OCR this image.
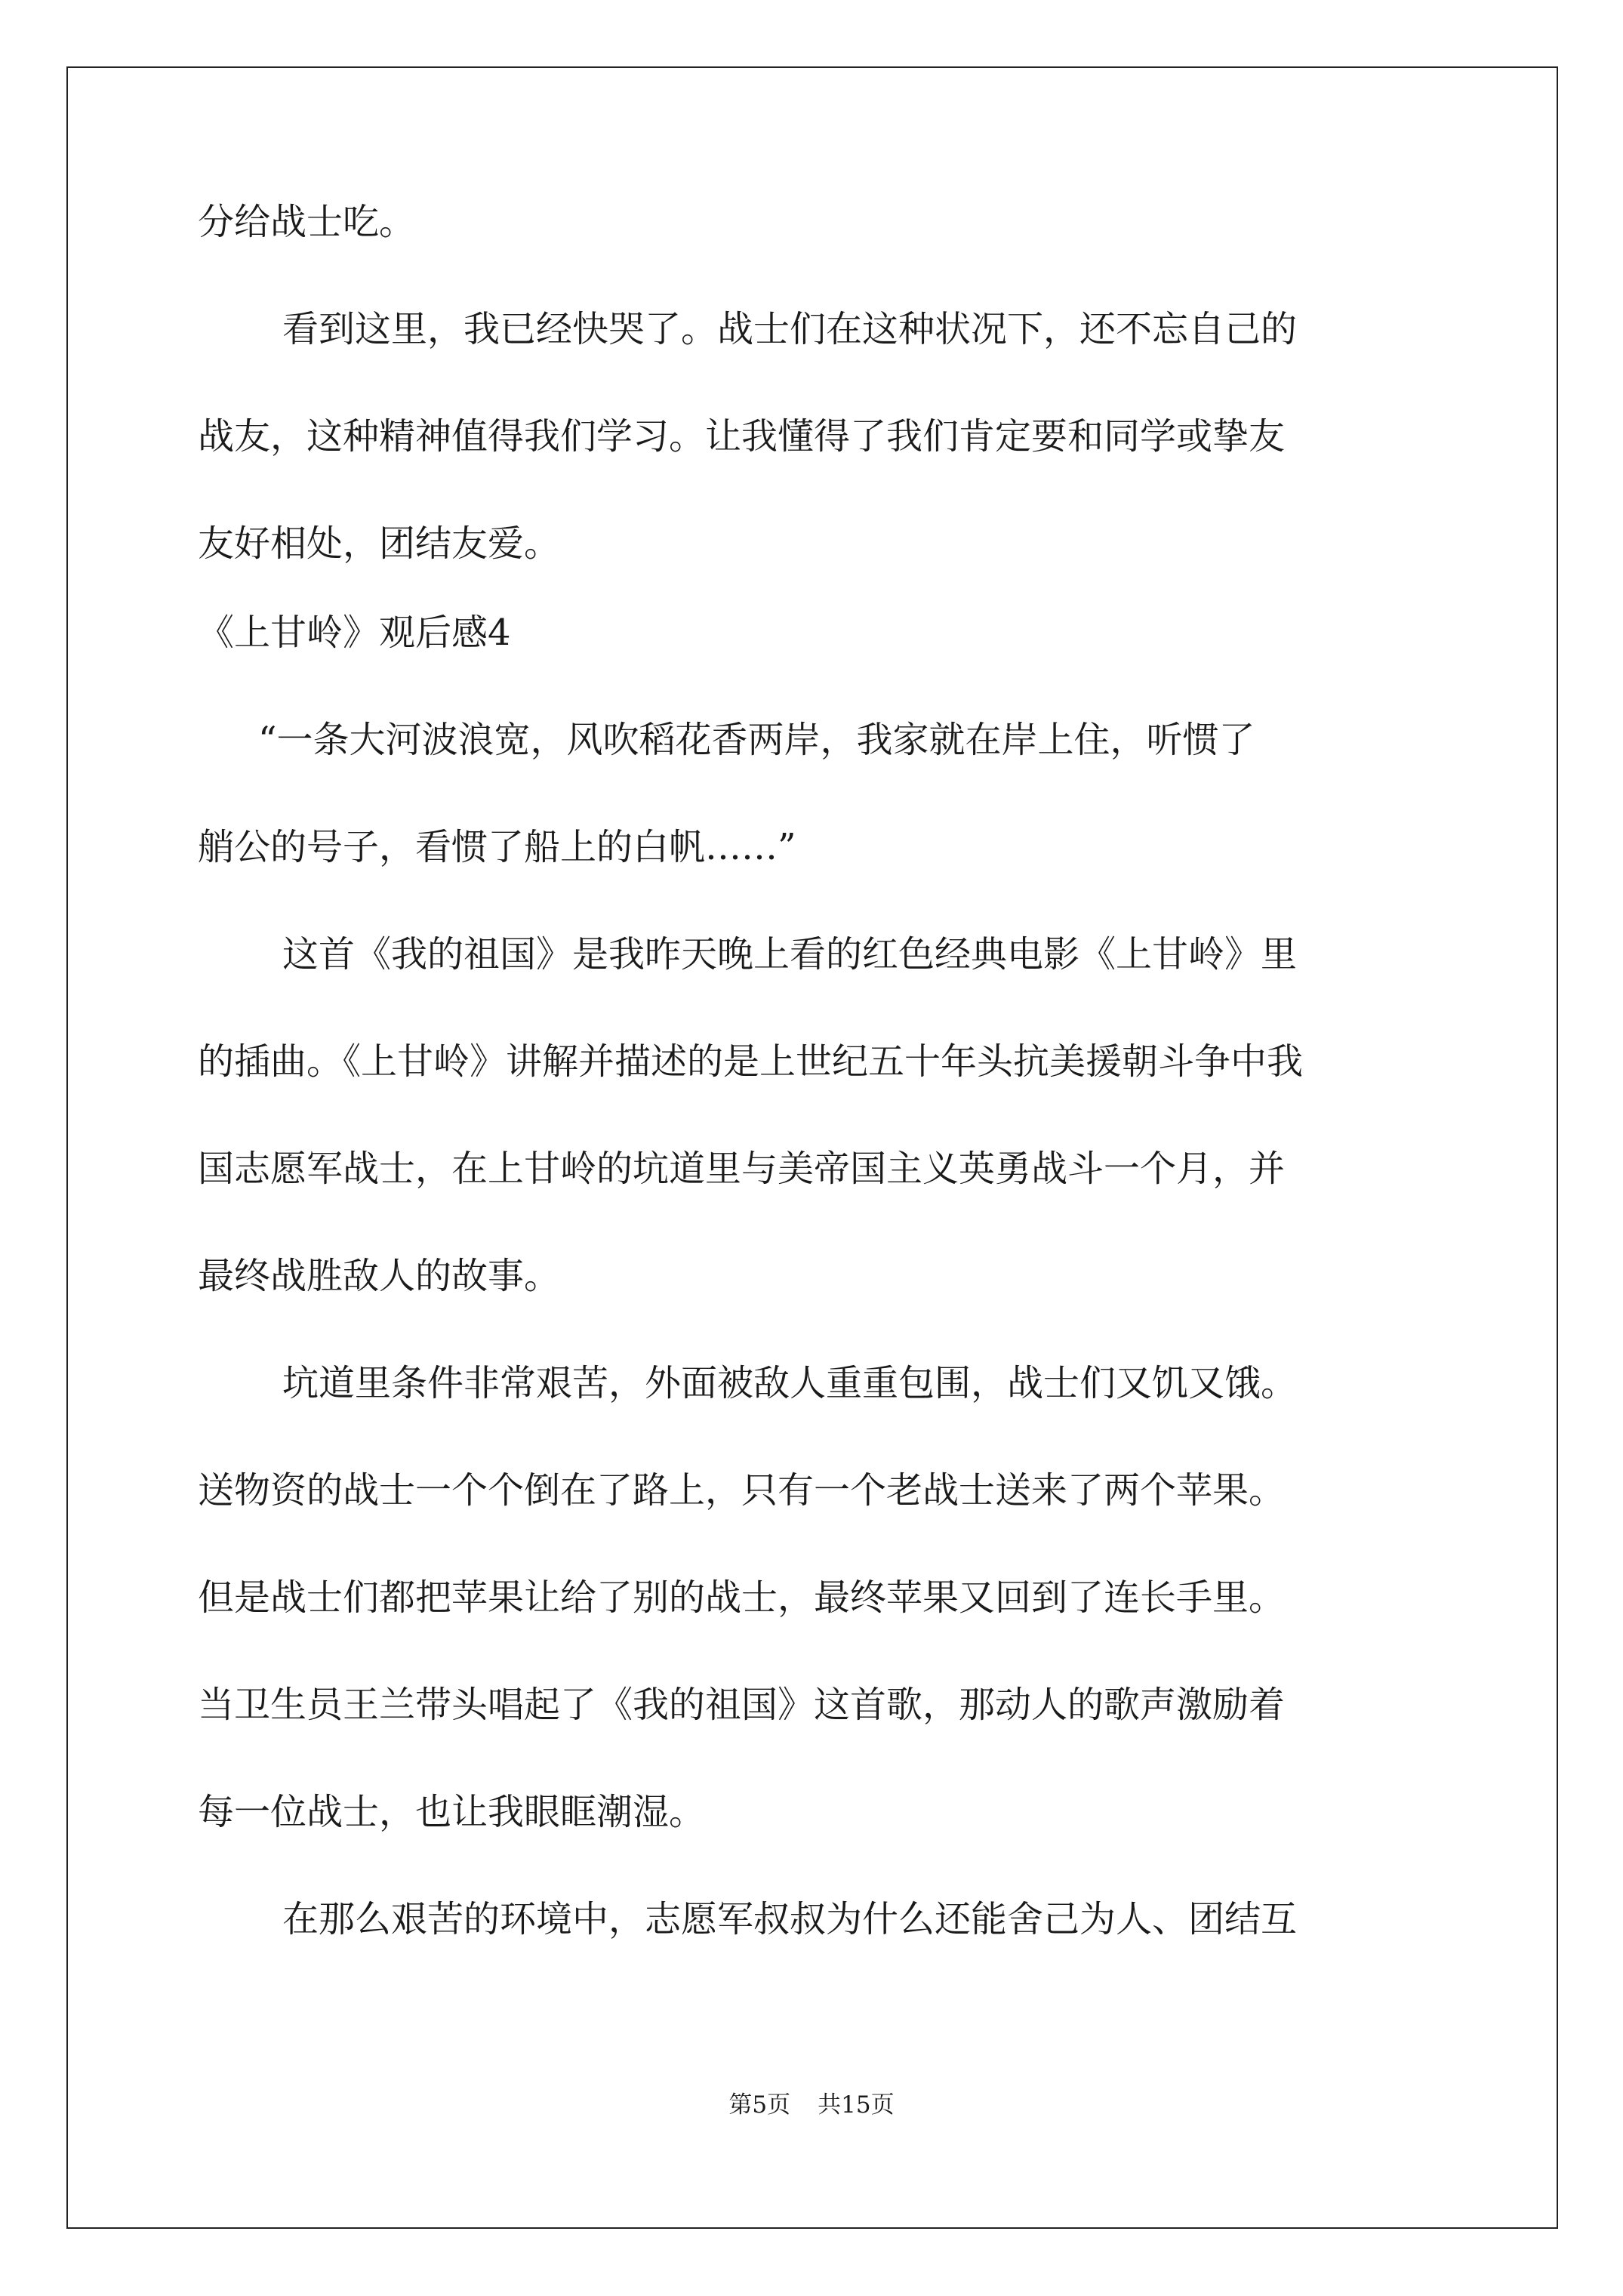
分给战士吃。

看到这里，我已经快哭了。战士们在这种状况下，还不忘自己的

战友，这种精神值得我们学习。让我懂得了我们肯定要和同学或挚友

友好相处，团结友爱。

《上甘岭》观后感4

“一条大河波浪宽，风吹稻花香两岸，我家就在岸上住，听惯了

艄公的号子，看惯了船上的白帆……”

这首《我的祖国》是我昨天晚上看的红色经典电影《上甘岭》里

的插曲。《上甘岭》讲解并描述的是上世纪五十年头抗美援朝斗争中我

国志愿军战士，在上甘岭的坑道里与美帝国主义英勇战斗一个月，并

最终战胜敌人的故事。

坑道里条件非常艰苦，外面被敌人重重包围，战士们又饥又饿。

送物资的战士一个个倒在了路上，只有一个老战士送来了两个苹果。

但是战士们都把苹果让给了别的战士，最终苹果又回到了连长手里。

当卫生员王兰带头唱起了《我的祖国》这首歌，那动人的歌声激励着

每一位战士，也让我眼眶潮湿。

在那么艰苦的环境中，志愿军叔叔为什么还能舍己为人、团结互

第5页 共15页
